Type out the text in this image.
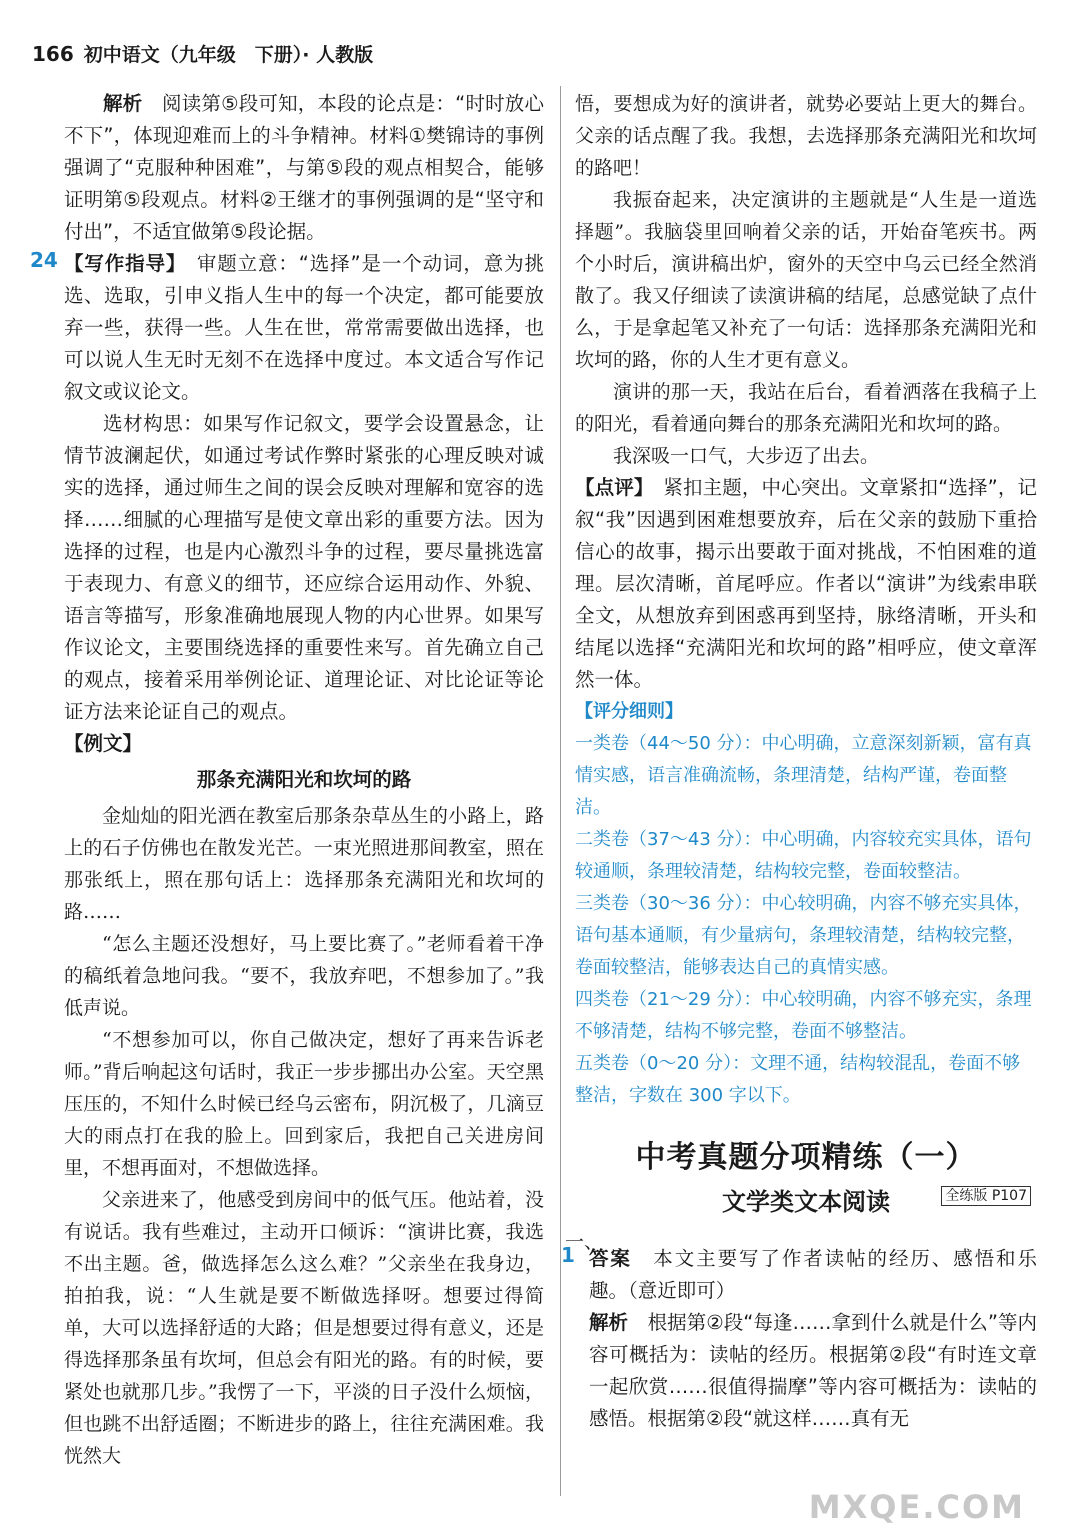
166 初中语文（九年级　下册）· 人教版

解析　 阅读第⑤段可知，本段的论点是：“时时放心不下”，体现迎难而上的斗争精神。材料①樊锦诗的事例强调了“克服种种困难”，与第⑤段的观点相契合，能够证明第⑤段观点。材料②王继才的事例强调的是“坚守和付出”，不适宜做第⑤段论据。

24 【写作指导】　 审题立意：“选择”是一个动词，意为挑选、选取，引申义指人生中的每一个决定，都可能要放弃一些，获得一些。人生在世，常常需要做出选择，也可以说人生无时无刻不在选择中度过。本文适合写作记叙文或议论文。

选材构思：如果写作记叙文，要学会设置悬念，让情节波澜起伏，如通过考试作弊时紧张的心理反映对诚实的选择，通过师生之间的误会反映对理解和宽容的选择……细腻的心理描写是使文章出彩的重要方法。因为选择的过程，也是内心激烈斗争的过程，要尽量挑选富于表现力、有意义的细节，还应综合运用动作、外貌、语言等描写，形象准确地展现人物的内心世界。如果写作议论文，主要围绕选择的重要性来写。首先确立自己的观点，接着采用举例论证、道理论证、对比论证等论证方法来论证自己的观点。

【例文】

那条充满阳光和坎坷的路

金灿灿的阳光洒在教室后那条杂草丛生的小路上，路上的石子仿佛也在散发光芒。一束光照进那间教室，照在那张纸上，照在那句话上：选择那条充满阳光和坎坷的路……

“怎么主题还没想好，马上要比赛了。”老师看着干净的稿纸着急地问我。“要不，我放弃吧，不想参加了。”我低声说。

“不想参加可以，你自己做决定，想好了再来告诉老师。”背后响起这句话时，我正一步步挪出办公室。天空黑压压的，不知什么时候已经乌云密布，阴沉极了，几滴豆大的雨点打在我的脸上。回到家后，我把自己关进房间里，不想再面对，不想做选择。

父亲进来了，他感受到房间中的低气压。他站着，没有说话。我有些难过，主动开口倾诉：“演讲比赛，我选不出主题。爸，做选择怎么这么难？”父亲坐在我身边，拍拍我，说：“人生就是要不断做选择呀。想要过得简单，大可以选择舒适的大路；但是想要过得有意义，还是得选择那条虽有坎坷，但总会有阳光的路。有的时候，要紧处也就那几步。”我愣了一下，平淡的日子没什么烦恼，但也跳不出舒适圈；不断进步的路上，往往充满困难。我恍然大

悟，要想成为好的演讲者，就势必要站上更大的舞台。父亲的话点醒了我。我想，去选择那条充满阳光和坎坷的路吧！

我振奋起来，决定演讲的主题就是“人生是一道选择题”。我脑袋里回响着父亲的话，开始奋笔疾书。两个小时后，演讲稿出炉，窗外的天空中乌云已经全然消散了。我又仔细读了读演讲稿的结尾，总感觉缺了点什么，于是拿起笔又补充了一句话：选择那条充满阳光和坎坷的路，你的人生才更有意义。

演讲的那一天，我站在后台，看着洒落在我稿子上的阳光，看着通向舞台的那条充满阳光和坎坷的路。

我深吸一口气，大步迈了出去。

【点评】　 紧扣主题，中心突出。文章紧扣“选择”，记叙“我”因遇到困难想要放弃，后在父亲的鼓励下重拾信心的故事，揭示出要敢于面对挑战，不怕困难的道理。层次清晰，首尾呼应。作者以“演讲”为线索串联全文，从想放弃到困惑再到坚持，脉络清晰，开头和结尾以选择“充满阳光和坎坷的路”相呼应，使文章浑然一体。

【评分细则】
一类卷（44～50 分）：中心明确，立意深刻新颖，富有真情实感，语言准确流畅，条理清楚，结构严谨，卷面整洁。
二类卷（37～43 分）：中心明确，内容较充实具体，语句较通顺，条理较清楚，结构较完整，卷面较整洁。
三类卷（30～36 分）：中心较明确，内容不够充实具体，语句基本通顺，有少量病句，条理较清楚，结构较完整，卷面较整洁，能够表达自己的真情实感。
四类卷（21～29 分）：中心较明确，内容不够充实，条理不够清楚，结构不够完整，卷面不够整洁。
五类卷（0～20 分）：文理不通，结构较混乱，卷面不够整洁，字数在 300 字以下。
中考真题分项精练（一）
文学类文本阅读	全练版 P107
一、
1 答案　 本文主要写了作者读帖的经历、感悟和乐趣。（意近即可）

解析　 根据第②段“每逢……拿到什么就是什么”等内容可概括为：读帖的经历。根据第②段“有时连文章一起欣赏……很值得揣摩”等内容可概括为：读帖的感悟。根据第②段“就这样……真有无

MXQE.COM
